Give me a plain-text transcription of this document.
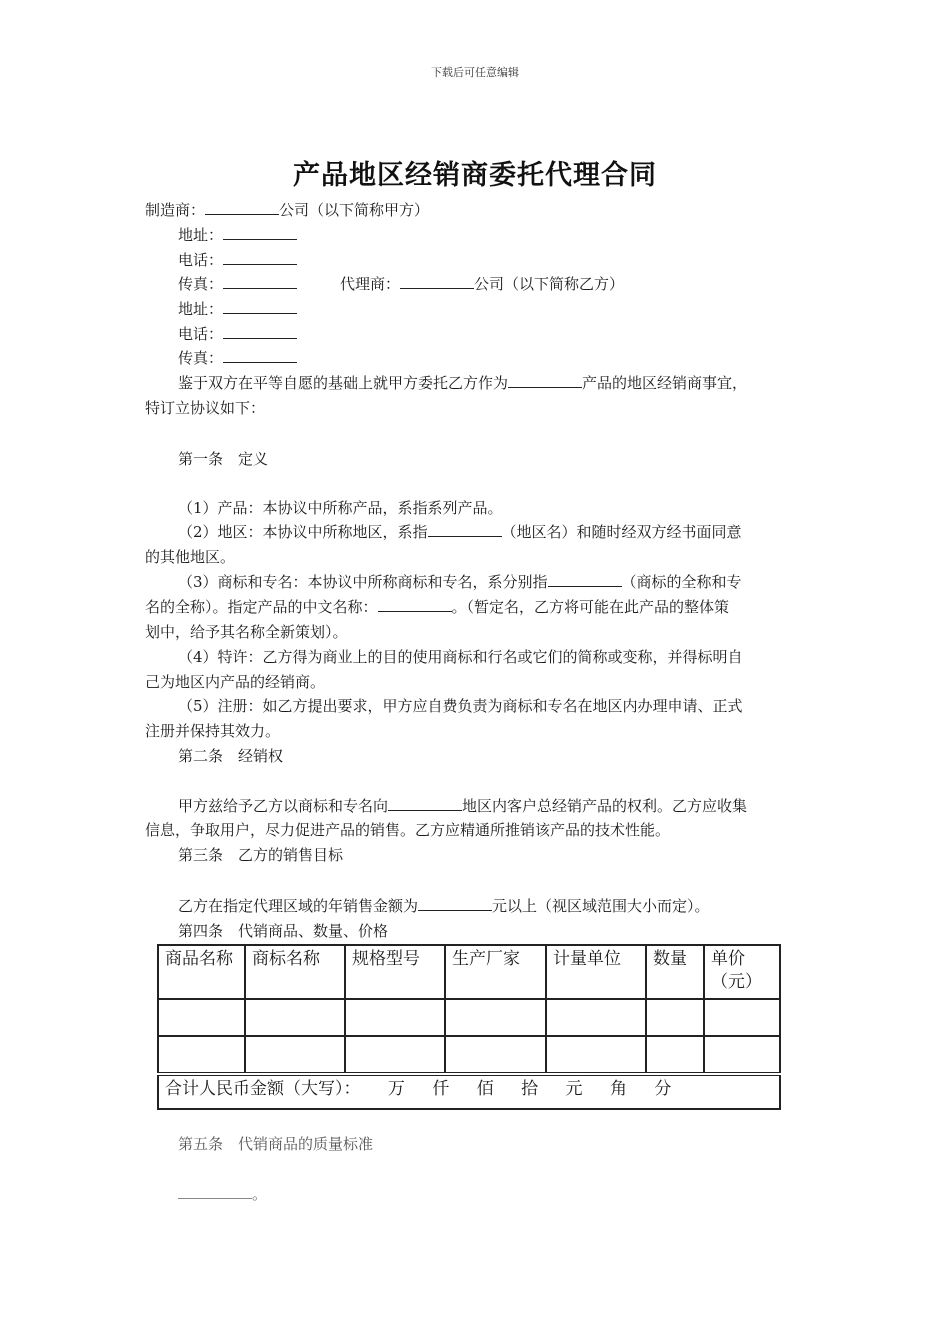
下载后可任意编辑
产品地区经销商委托代理合同
制造商：	公司（以下简称甲方）
地址：
电话：
传真：	代理商：	公司（以下简称乙方）
地址：
电话：
传真：
鉴于双方在平等自愿的基础上就甲方委托乙方作为	产品的地区经销商事宜，
特订立协议如下：
第一条　定义
（1）产品：本协议中所称产品，系指系列产品。
（2）地区：本协议中所称地区，系指	（地区名）和随时经双方经书面同意
的其他地区。
（3）商标和专名：本协议中所称商标和专名，系分别指	（商标的全称和专
名的全称）。指定产品的中文名称：	。（暂定名，乙方将可能在此产品的整体策
划中，给予其名称全新策划）。
（4）特许：乙方得为商业上的目的使用商标和行名或它们的简称或变称，并得标明自
己为地区内产品的经销商。
（5）注册：如乙方提出要求，甲方应自费负责为商标和专名在地区内办理申请、正式
注册并保持其效力。
第二条　经销权
甲方兹给予乙方以商标和专名向	地区内客户总经销产品的权利。乙方应收集
信息，争取用户，尽力促进产品的销售。乙方应精通所推销该产品的技术性能。
第三条　乙方的销售目标
乙方在指定代理区域的年销售金额为	元以上（视区域范围大小而定）。
第四条　代销商品、数量、价格
商品名称	商标名称	规格型号	生产厂家	计量单位	数量	单价（元）

合计人民币金额（大写）： 万 仟 佰 拾 元 角 分						
第五条　代销商品的质量标准
。
